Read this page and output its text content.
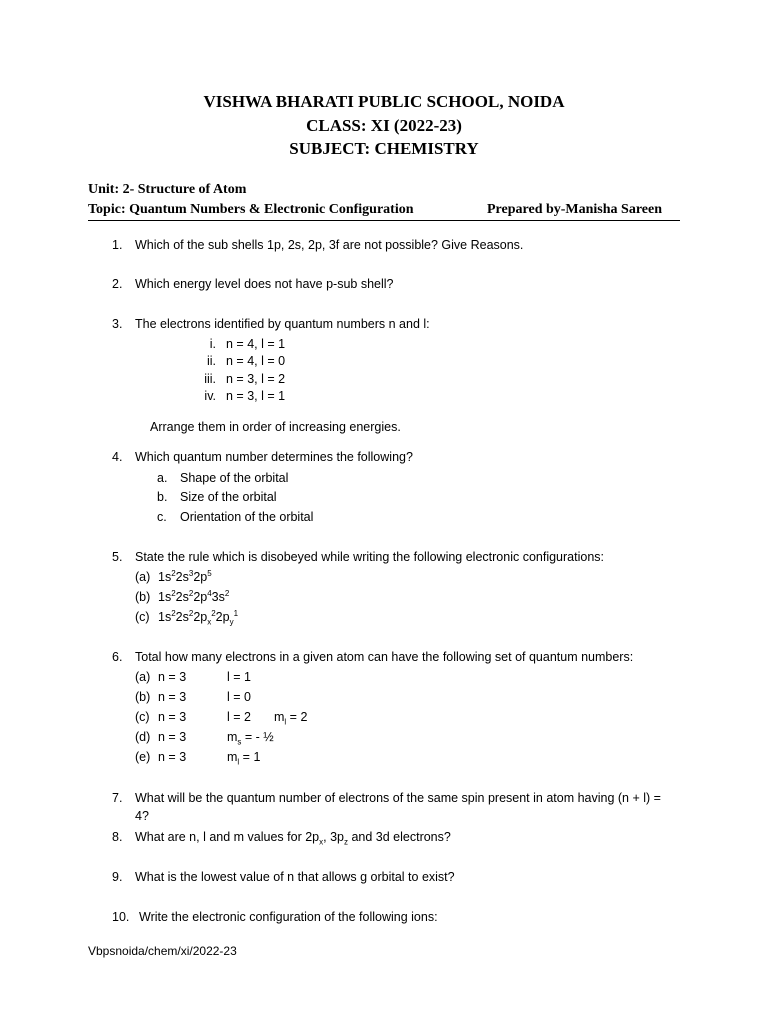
VISHWA BHARATI PUBLIC SCHOOL, NOIDA
CLASS: XI (2022-23)
SUBJECT: CHEMISTRY
Unit: 2- Structure of Atom
Topic: Quantum Numbers & Electronic Configuration	Prepared by-Manisha Sareen
1. Which of the sub shells 1p, 2s, 2p, 3f are not possible? Give Reasons.
2. Which energy level does not have p-sub shell?
3. The electrons identified by quantum numbers n and l:
i. n = 4, l = 1
ii. n = 4, l = 0
iii. n = 3, l = 2
iv. n = 3, l = 1
Arrange them in order of increasing energies.
4. Which quantum number determines the following?
a. Shape of the orbital
b. Size of the orbital
c. Orientation of the orbital
5. State the rule which is disobeyed while writing the following electronic configurations:
(a) $1s^22s^32p^5$
(b) $1s^22s^22p^43s^2$
(c) $1s^22s^22p_x^22p_y^1$
6. Total how many electrons in a given atom can have the following set of quantum numbers:
(a) n = 3	l = 1
(b) n = 3	l = 0
(c) n = 3	l = 2 $m_l = 2$
(d) n = 3	$m_s$ = - ½
(e) n = 3	$m_l = 1$
7. What will be the quantum number of electrons of the same spin present in atom having (n + l) =
4?
8. What are n, l and m values for $2p_x$, $3p_z$ and 3d electrons?
9. What is the lowest value of n that allows g orbital to exist?
10. Write the electronic configuration of the following ions:
Vbpsnoida/chem/xi/2022-23
